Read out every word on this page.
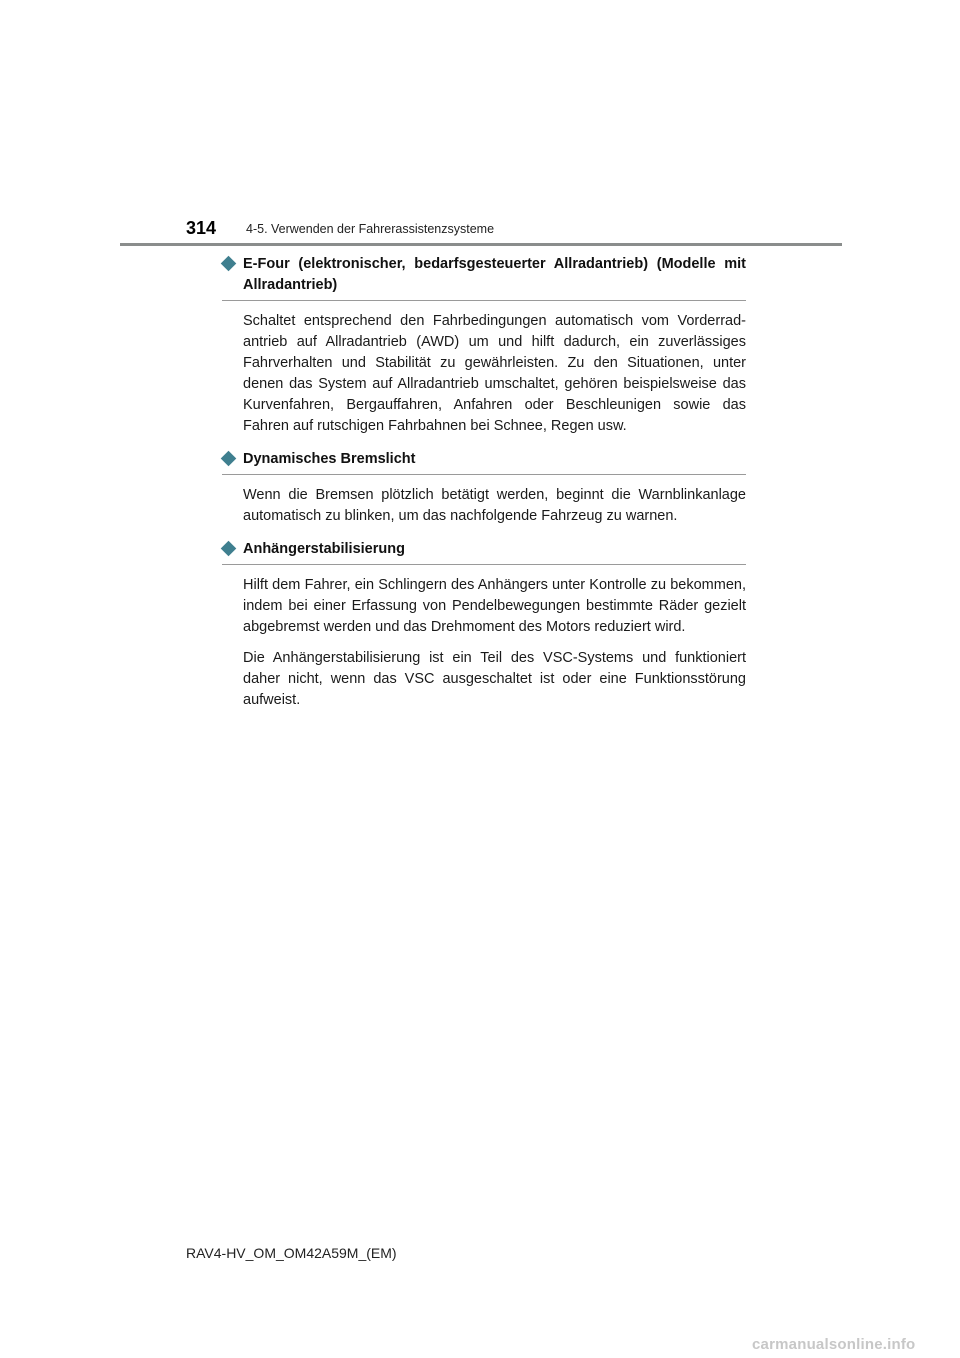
314 4-5. Verwenden der Fahrerassistenzsysteme
E-Four (elektronischer, bedarfsgesteuerter Allradantrieb) (Modelle mit Allradantrieb)

Schaltet entsprechend den Fahrbedingungen automatisch vom Vorderradantrieb auf Allradantrieb (AWD) um und hilft dadurch, ein zuverlässiges Fahrverhalten und Stabilität zu gewährleisten. Zu den Situationen, unter denen das System auf Allradantrieb umschaltet, gehören beispielsweise das Kurvenfahren, Bergauffahren, Anfahren oder Beschleunigen sowie das Fahren auf rutschigen Fahrbahnen bei Schnee, Regen usw.

Dynamisches Bremslicht

Wenn die Bremsen plötzlich betätigt werden, beginnt die Warnblinkanlage automatisch zu blinken, um das nachfolgende Fahrzeug zu warnen.

Anhängerstabilisierung

Hilft dem Fahrer, ein Schlingern des Anhängers unter Kontrolle zu bekommen, indem bei einer Erfassung von Pendelbewegungen bestimmte Räder gezielt abgebremst werden und das Drehmoment des Motors reduziert wird.

Die Anhängerstabilisierung ist ein Teil des VSC-Systems und funktioniert daher nicht, wenn das VSC ausgeschaltet ist oder eine Funktionsstörung aufweist.

RAV4-HV_OM_OM42A59M_(EM)
carmanualsonline.info
